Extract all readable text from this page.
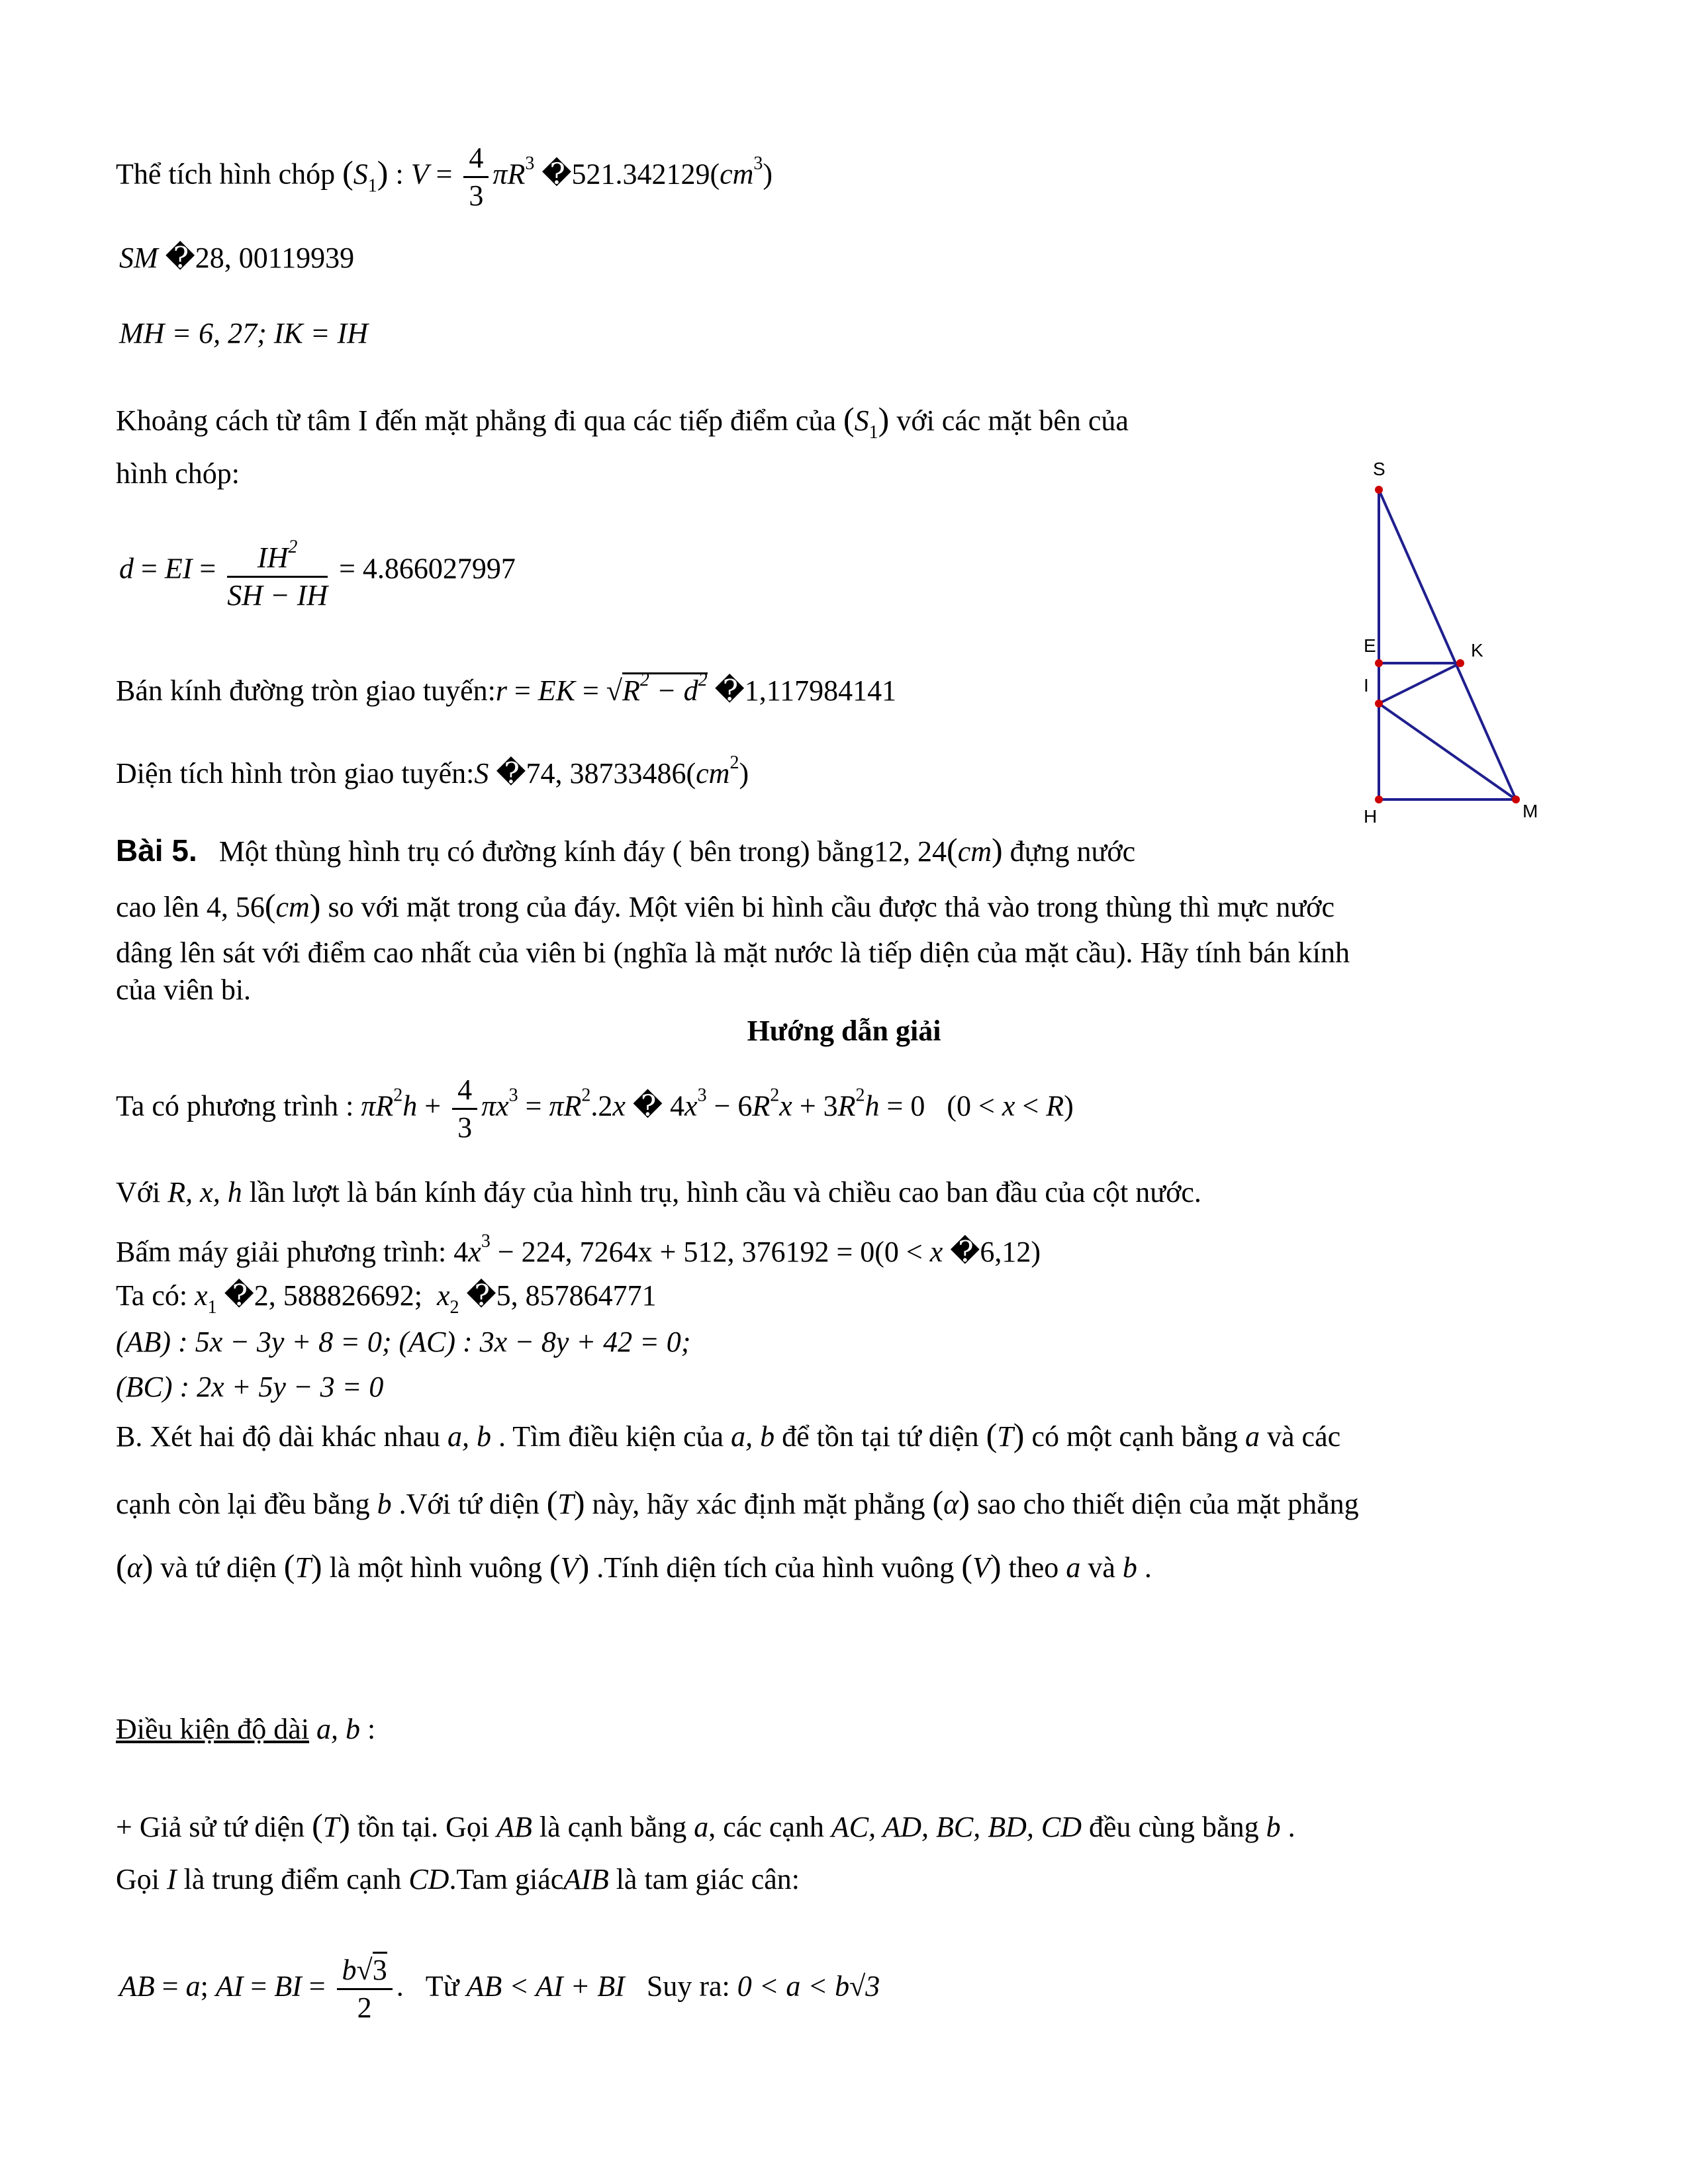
Thể tích hình chóp $(S_1)$ : $V = \frac{4}{3} \pi R^3$ $�521.342129(cm^3)$
SM �28, 00119939
MH = 6, 27; IK = IH
Khoảng cách từ tâm I đến mặt phẳng đi qua các tiếp điểm của $(S_1)$ với các mặt bên của
hình chóp:
d = EI = $\frac{IH^2}{SH - IH} = 4.866027997$
Bán kính đường tròn giao tuyến:r = EK = $√R^2 - d^2$ �1,117984141
Diện tích hình tròn giao tuyến:S �74, $38733486(cm^2)$
S
E	K
I
H	M
Bài 5. Một thùng hình trụ có đường kính đáy ( bên trong) bằng12, 24(cm) đựng nước
cao lên 4, 56(cm) so với mặt trong của đáy. Một viên bi hình cầu được thả vào trong thùng thì mực nước
dâng lên sát với điểm cao nhất của viên bi (nghĩa là mặt nước là tiếp diện của mặt cầu). Hãy tính bán kính
của viên bi.
Hướng dẫn giải
Ta có phương trình : $\pi R^2h + \frac{4}{3} \pi x^3 = \pi R^2.2x$ � $4x^3 - 6R^2x + 3R^2h = 0$   (0 < x < R)
Với R, x, h lần lượt là bán kính đáy của hình trụ, hình cầu và chiều cao ban đầu của cột nước.
Bấm máy giải phương trình: $4x^3 - 224$, 7264x + 512, 376192 = 0(0 < x �6,12)
Ta có: $x_1$ �2, 588826692; $x_2$ �5, 857864771
(AB) : 5x − 3y + 8 = 0; (AC) : 3x − 8y + 42 = 0;
(BC) : 2x + 5y − 3 = 0
B. Xét hai độ dài khác nhau a, b . Tìm điều kiện của a, b để tồn tại tứ diện (T) có một cạnh bằng a và các
cạnh còn lại đều bằng b .Với tứ diện (T) này, hãy xác định mặt phẳng (α) sao cho thiết diện của mặt phẳng
(α) và tứ diện (T) là một hình vuông (V) .Tính diện tích của hình vuông (V) theo a và b .
Điều kiện độ dài a, b :
+ Giả sử tứ diện (T) tồn tại. Gọi AB là cạnh bằng a, các cạnh AC, AD, BC, BD, CD đều cùng bằng b .
Gọi I là trung điểm cạnh CD.Tam giácAIB là tam giác cân:
AB = a; AI = BI = $\frac{b√3}{2}$ .   Từ AB < AI + BI Suy ra: 0 < a < b√3
